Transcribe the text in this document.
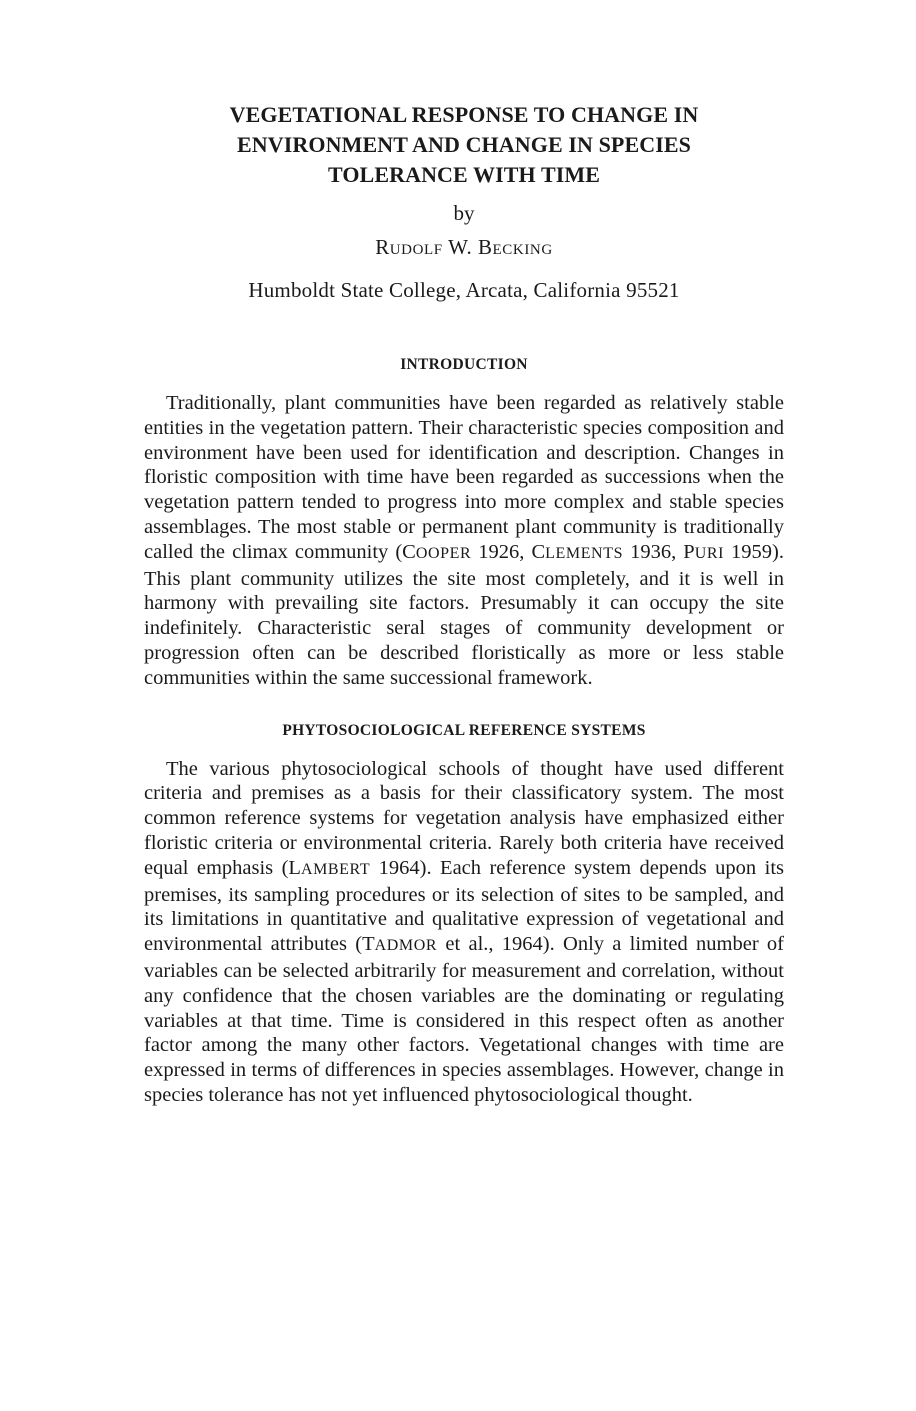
VEGETATIONAL RESPONSE TO CHANGE IN
ENVIRONMENT AND CHANGE IN SPECIES
TOLERANCE WITH TIME
by
RUDOLF W. BECKING
Humboldt State College, Arcata, California 95521
INTRODUCTION

Traditionally, plant communities have been regarded as relatively stable entities in the vegetation pattern. Their characteristic species composition and environment have been used for identification and description. Changes in floristic composition with time have been regarded as successions when the vegetation pattern tended to progress into more complex and stable species assemblages. The most stable or permanent plant community is traditionally called the climax community (COOPER 1926, CLEMENTS 1936, PURI 1959). This plant community utilizes the site most completely, and it is well in harmony with prevailing site factors. Presumably it can occupy the site indefinitely. Characteristic seral stages of community development or progression often can be described floristically as more or less stable communities within the same successional framework.

PHYTOSOCIOLOGICAL REFERENCE SYSTEMS

The various phytosociological schools of thought have used different criteria and premises as a basis for their classificatory system. The most common reference systems for vegetation analysis have emphasized either floristic criteria or environmental criteria. Rarely both criteria have received equal emphasis (LAMBERT 1964). Each reference system depends upon its premises, its sampling procedures or its selection of sites to be sampled, and its limitations in quantitative and qualitative expression of vegetational and environmental attributes (TADMOR et al., 1964). Only a limited number of variables can be selected arbitrarily for measurement and correlation, without any confidence that the chosen variables are the dominating or regulating variables at that time. Time is considered in this respect often as another factor among the many other factors. Vegetational changes with time are expressed in terms of differences in species assemblages. However, change in species tolerance has not yet influenced phytosociological thought.
